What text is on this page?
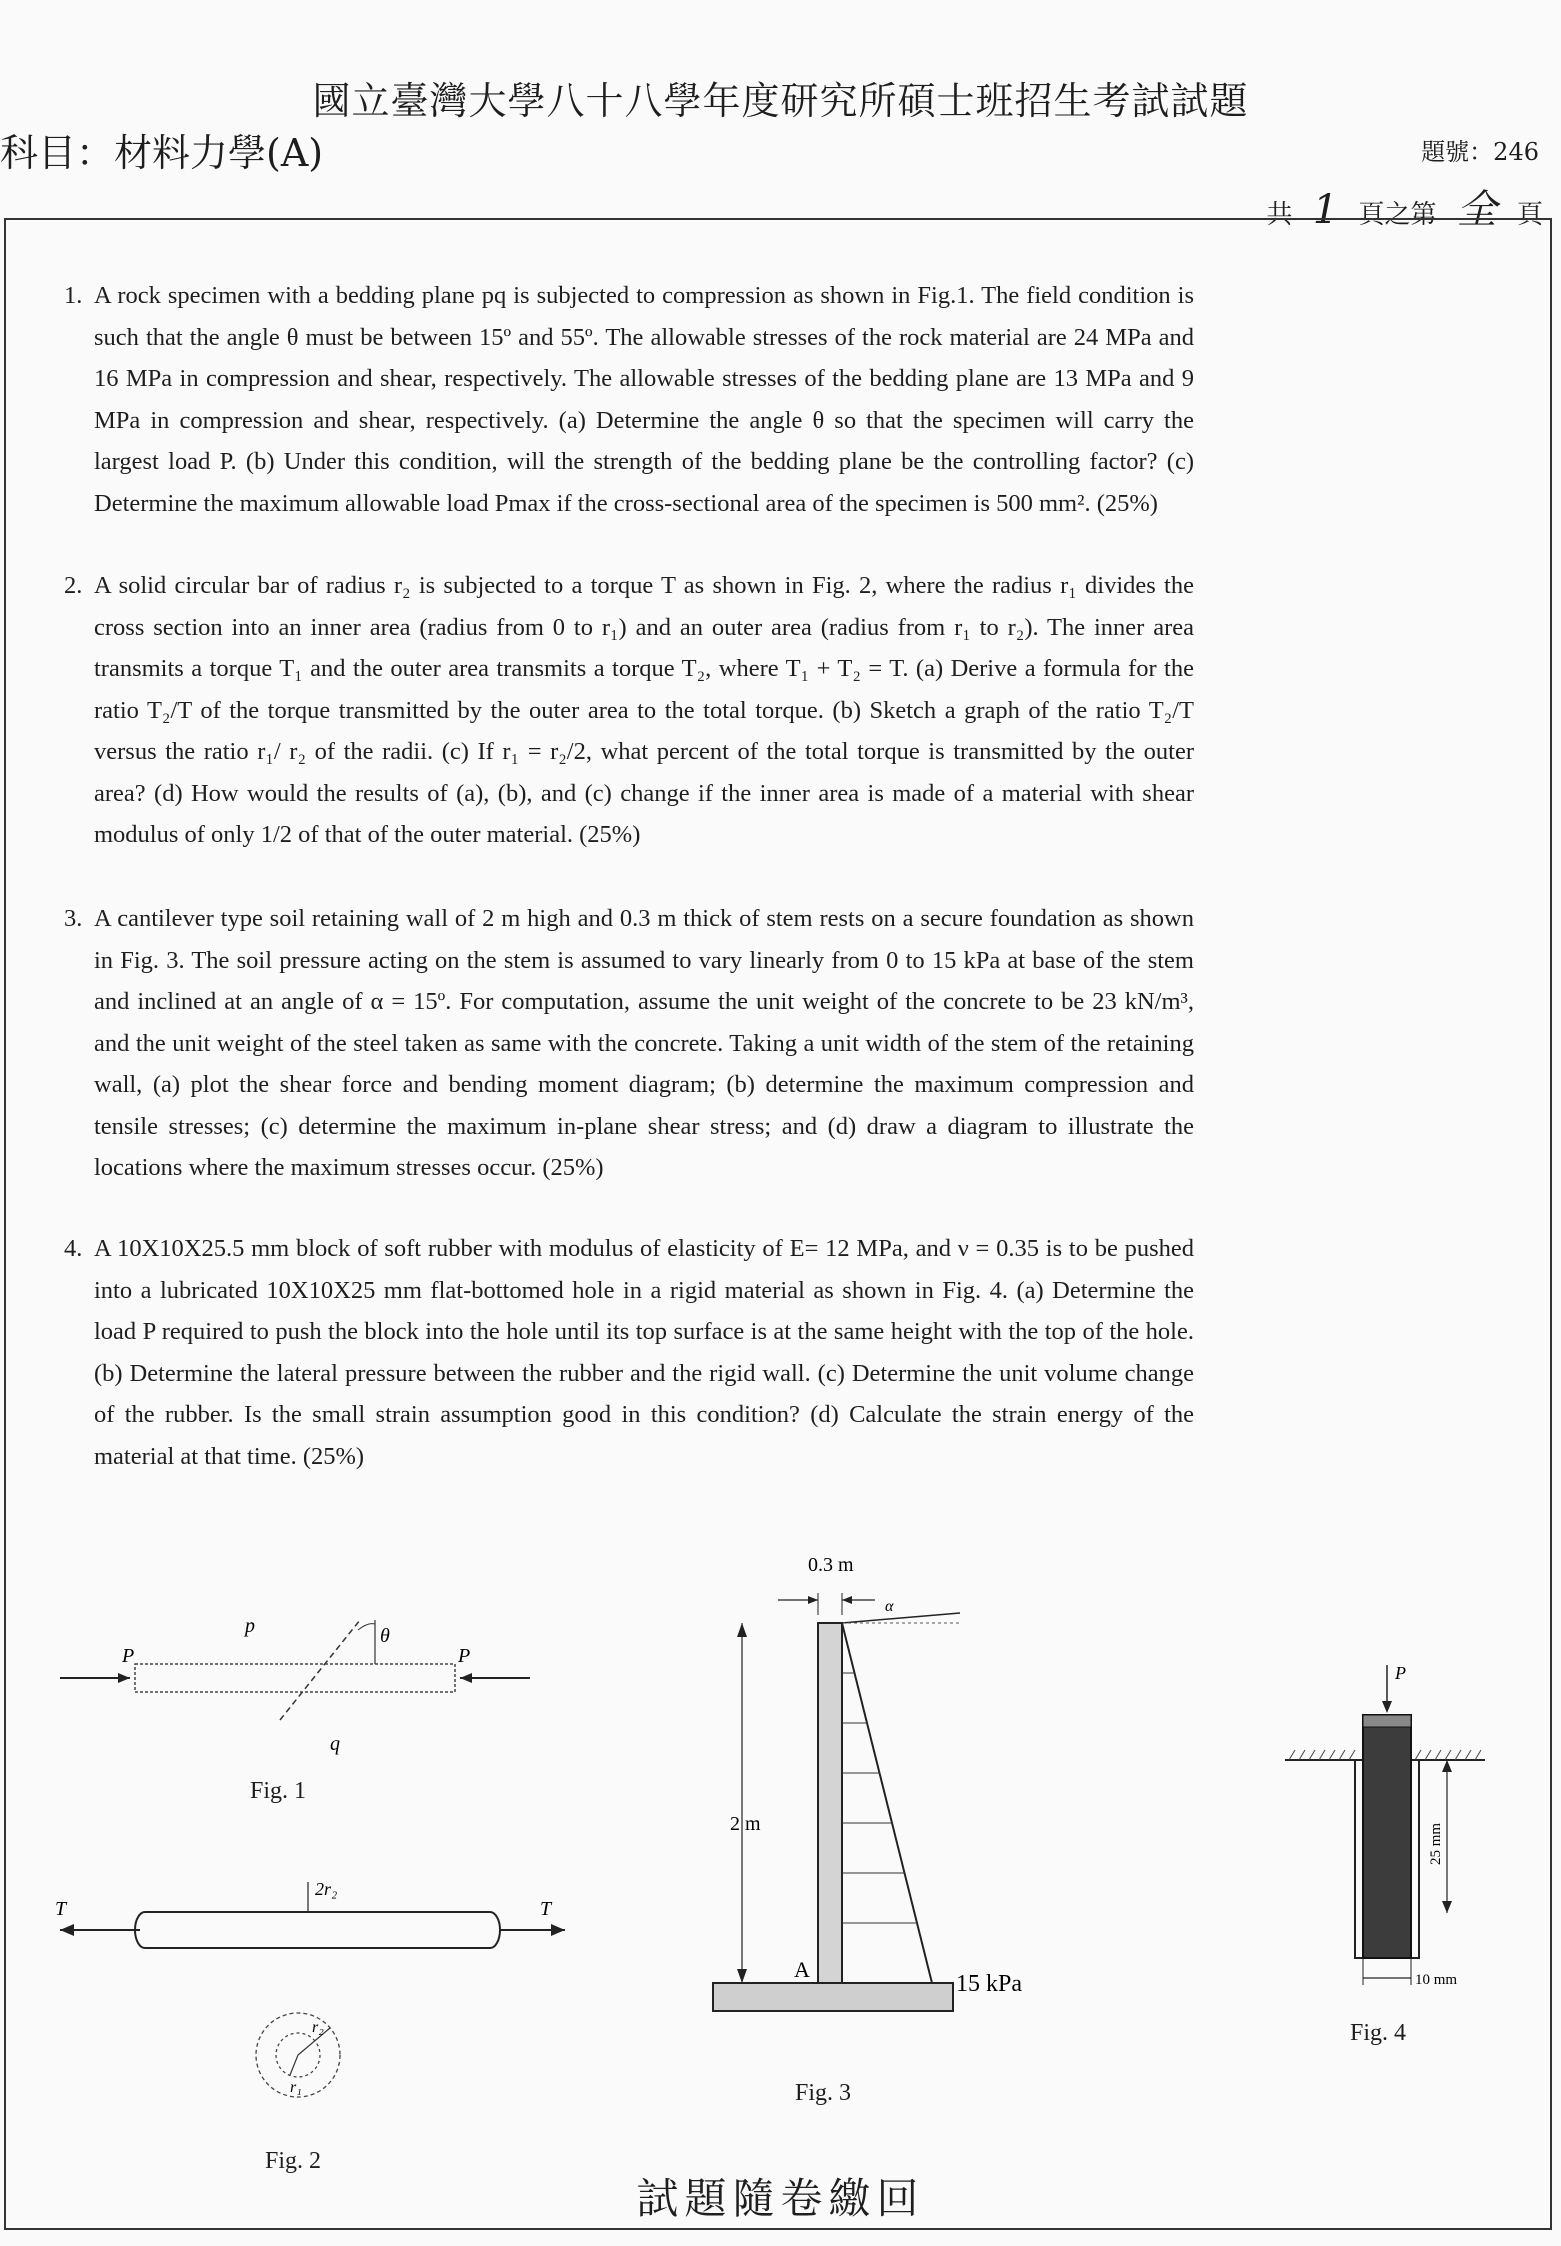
國立臺灣大學八十八學年度研究所碩士班招生考試試題
科目：材料力學(A)	題號：246
共 1 頁之第 全 頁
1. A rock specimen with a bedding plane pq is subjected to compression as shown in Fig.1. The field condition is such that the angle θ must be between 15º and 55º. The allowable stresses of the rock material are 24 MPa and 16 MPa in compression and shear, respectively. The allowable stresses of the bedding plane are 13 MPa and 9 MPa in compression and shear, respectively. (a) Determine the angle θ so that the specimen will carry the largest load P. (b) Under this condition, will the strength of the bedding plane be the controlling factor? (c) Determine the maximum allowable load Pmax if the cross-sectional area of the specimen is 500 mm². (25%)
2. A solid circular bar of radius r₂ is subjected to a torque T as shown in Fig. 2, where the radius r₁ divides the cross section into an inner area (radius from 0 to r₁) and an outer area (radius from r₁ to r₂). The inner area transmits a torque T₁ and the outer area transmits a torque T₂, where T₁ + T₂ = T. (a) Derive a formula for the ratio T₂/T of the torque transmitted by the outer area to the total torque. (b) Sketch a graph of the ratio T₂/T versus the ratio r₁/ r₂ of the radii. (c) If r₁ = r₂/2, what percent of the total torque is transmitted by the outer area? (d) How would the results of (a), (b), and (c) change if the inner area is made of a material with shear modulus of only 1/2 of that of the outer material. (25%)
3. A cantilever type soil retaining wall of 2 m high and 0.3 m thick of stem rests on a secure foundation as shown in Fig. 3. The soil pressure acting on the stem is assumed to vary linearly from 0 to 15 kPa at base of the stem and inclined at an angle of α = 15º. For computation, assume the unit weight of the concrete to be 23 kN/m³, and the unit weight of the steel taken as same with the concrete. Taking a unit width of the stem of the retaining wall, (a) plot the shear force and bending moment diagram; (b) determine the maximum compression and tensile stresses; (c) determine the maximum in-plane shear stress; and (d) draw a diagram to illustrate the locations where the maximum stresses occur. (25%)
4. A 10X10X25.5 mm block of soft rubber with modulus of elasticity of E= 12 MPa, and ν = 0.35 is to be pushed into a lubricated 10X10X25 mm flat-bottomed hole in a rigid material as shown in Fig. 4. (a) Determine the load P required to push the block into the hole until its top surface is at the same height with the top of the hole. (b) Determine the lateral pressure between the rubber and the rigid wall. (c) Determine the unit volume change of the rubber. Is the small strain assumption good in this condition? (d) Calculate the strain energy of the material at that time. (25%)
p
q
θ
P	P
Fig. 1
T	T
2r₂
r₂
r₁
Fig. 2
0.3 m
α
2 m
A
15 kPa
Fig. 3
P
25 mm
10 mm
Fig. 4
試題隨卷繳回
